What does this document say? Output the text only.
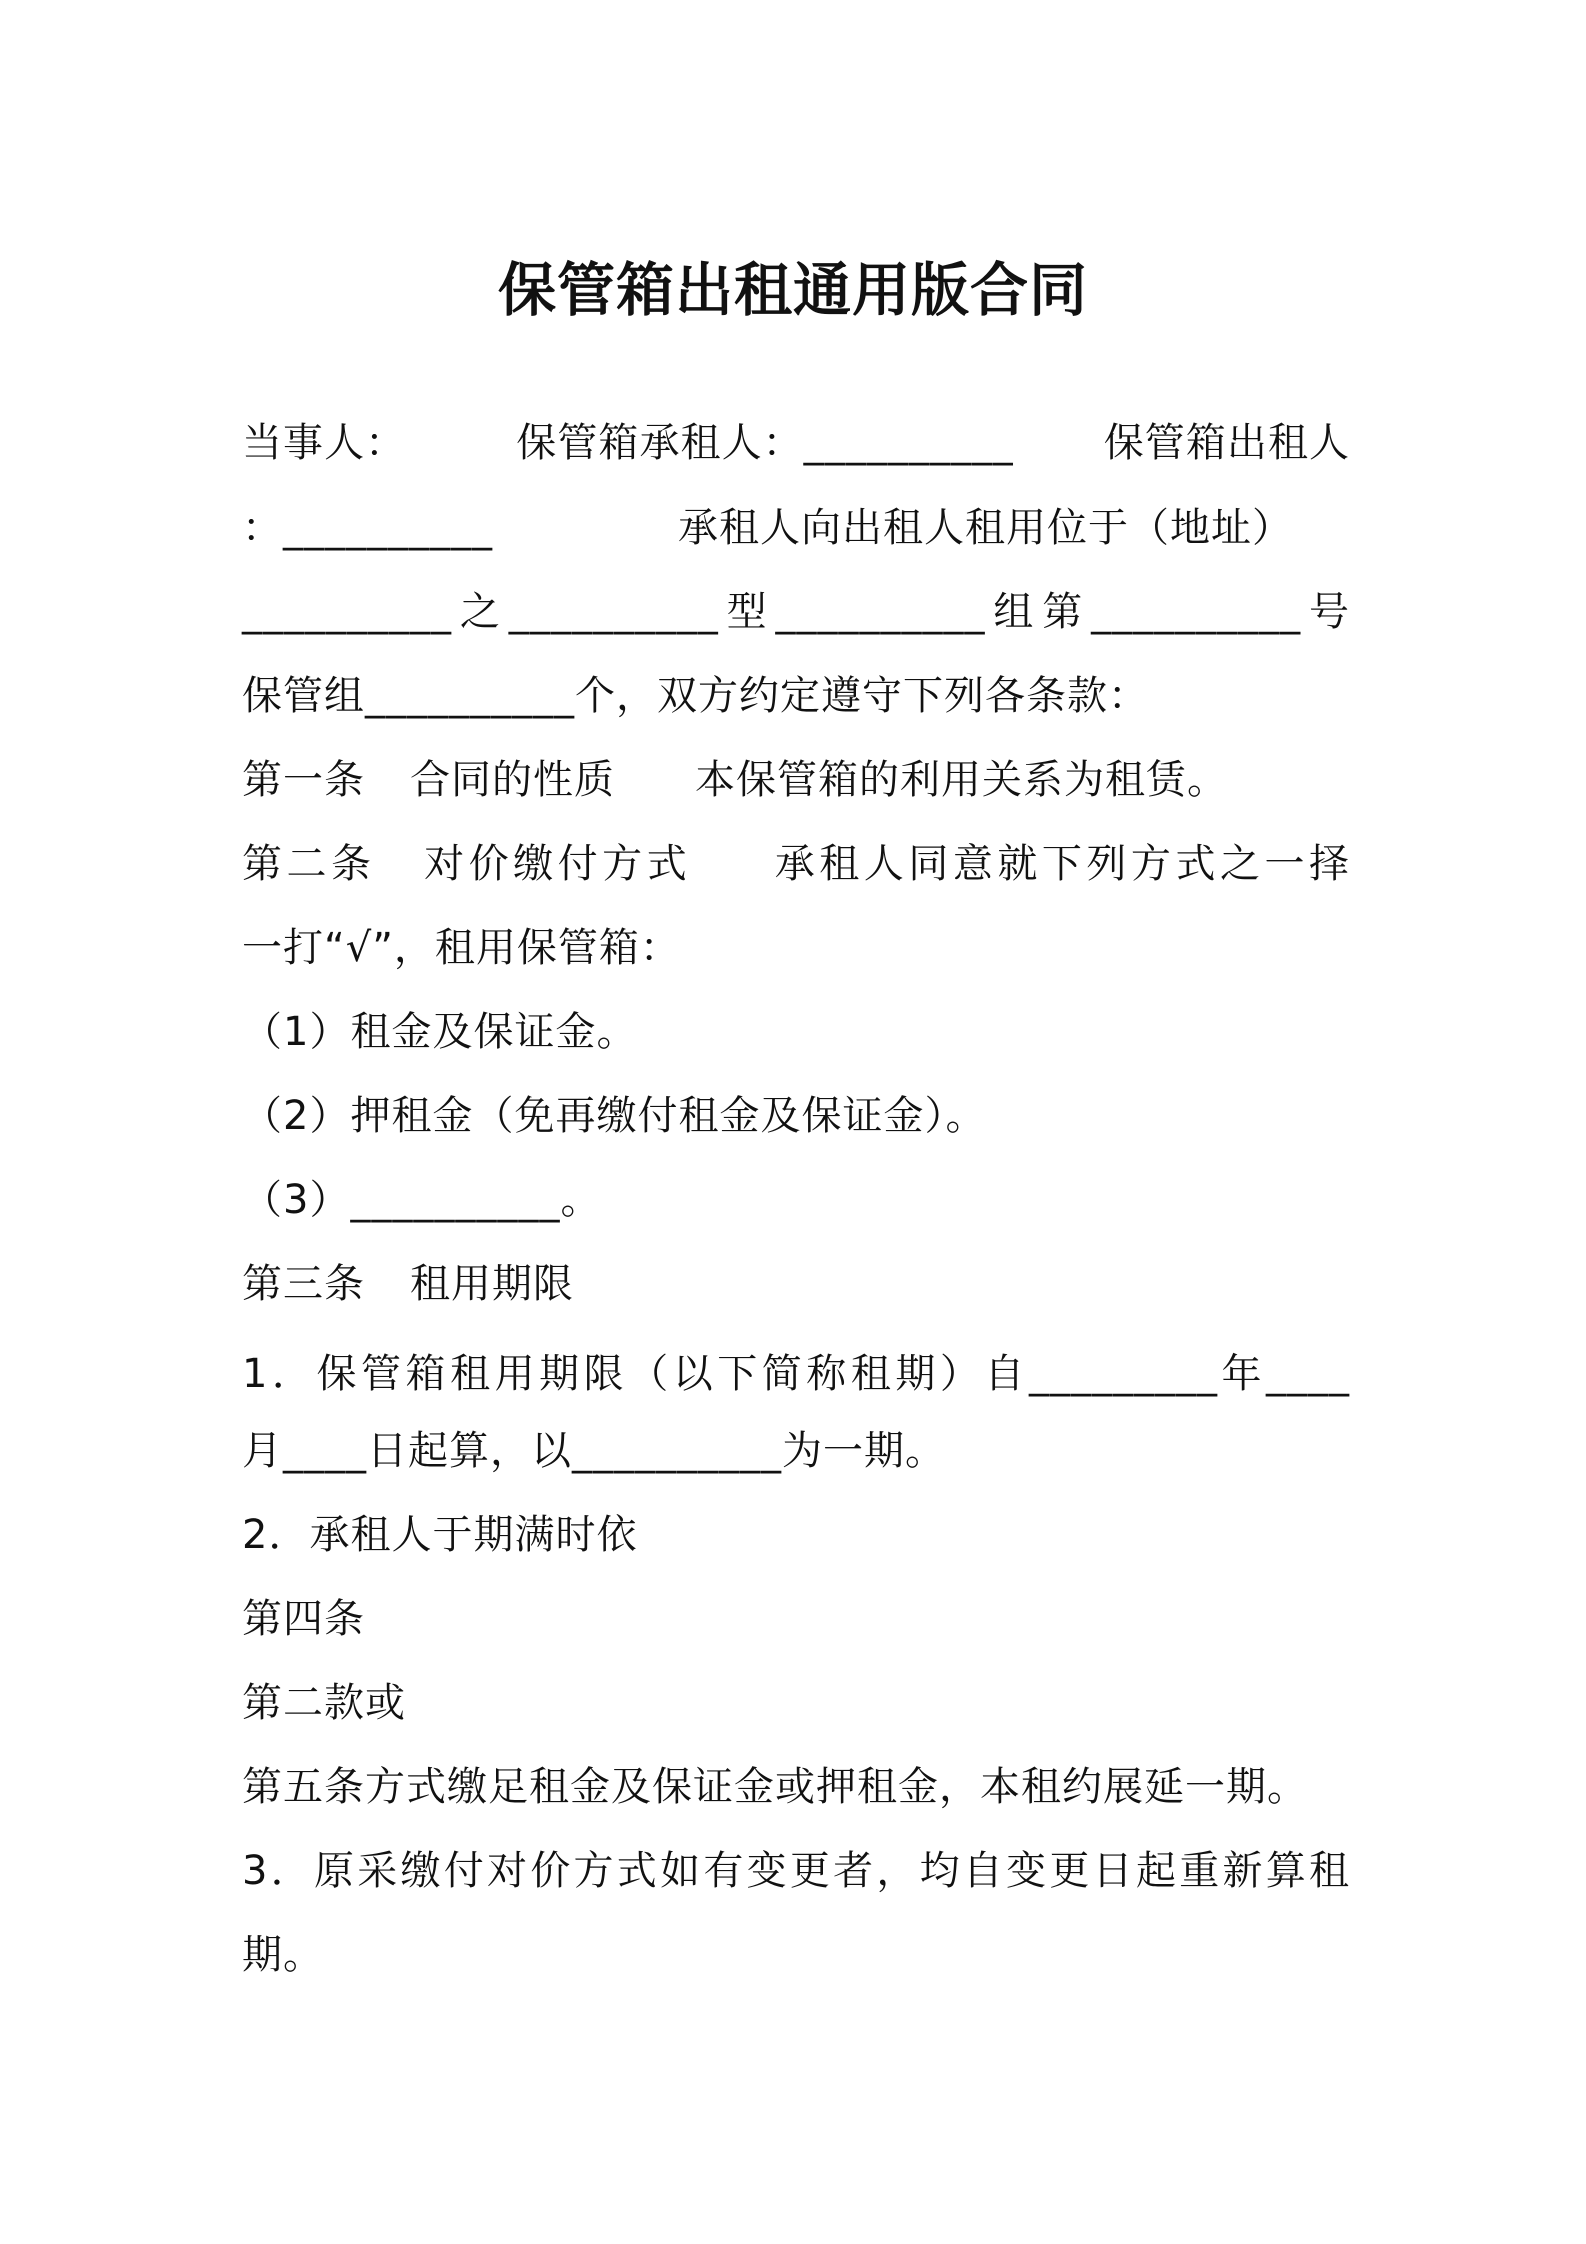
保管箱出租通用版合同
当事人：	保管箱承租人：__________ 保管箱出租人
：__________	承租人向出租人租用位于（地址）
__________之__________型__________组第__________号
保管组__________个，双方约定遵守下列各条款：
第一条 合同的性质 本保管箱的利用关系为租赁。
第二条 对价缴付方式 承租人同意就下列方式之一择
一打“√”，租用保管箱：
（1）租金及保证金。
（2）押租金（免再缴付租金及保证金）。
（3）__________。
第三条 租用期限
1．保管箱租用期限（以下简称租期）自_________年____
月____日起算，以__________为一期。
2．承租人于期满时依
第四条
第二款或
第五条方式缴足租金及保证金或押租金，本租约展延一期。
3．原采缴付对价方式如有变更者，均自变更日起重新算租
期。
